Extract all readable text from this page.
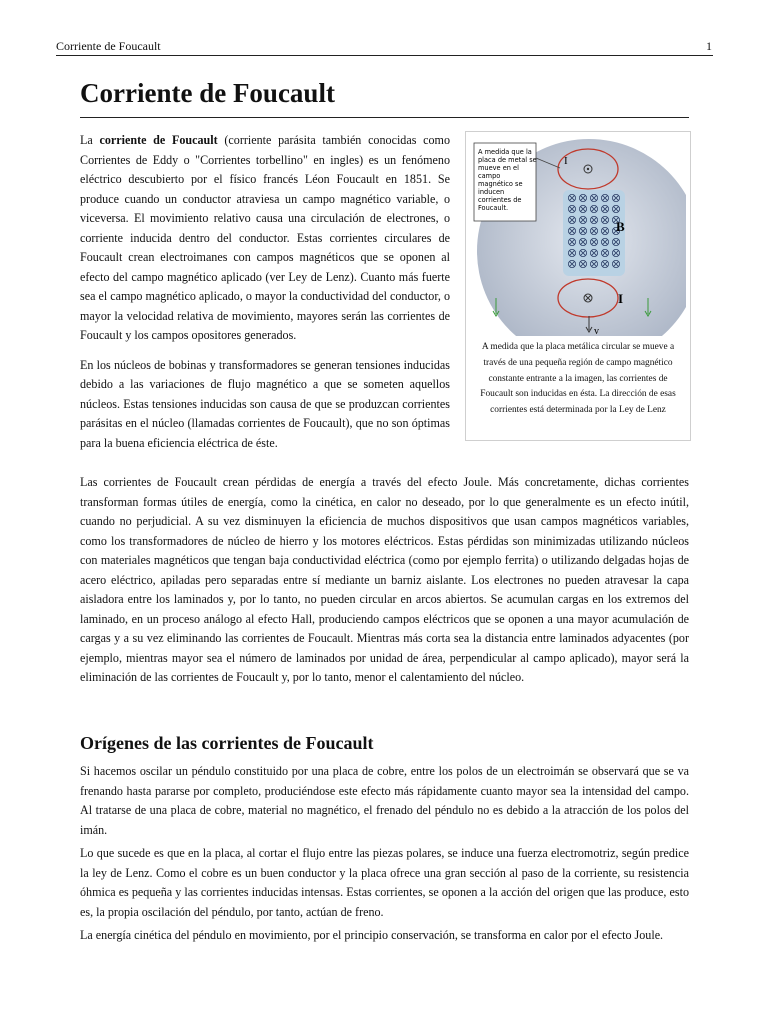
Corriente de Foucault	1
Corriente de Foucault

La corriente de Foucault (corriente parásita también conocidas como Corrientes de Eddy o "Corrientes torbellino" en ingles) es un fenómeno eléctrico descubierto por el físico francés Léon Foucault en 1851. Se produce cuando un conductor atraviesa un campo magnético variable, o viceversa. El movimiento relativo causa una circulación de electrones, o corriente inducida dentro del conductor. Estas corrientes circulares de Foucault crean electroimanes con campos magnéticos que se oponen al efecto del campo magnético aplicado (ver Ley de Lenz). Cuanto más fuerte sea el campo magnético aplicado, o mayor la conductividad del conductor, o mayor la velocidad relativa de movimiento, mayores serán las corrientes de Foucault y los campos opositores generados.

En los núcleos de bobinas y transformadores se generan tensiones inducidas debido a las variaciones de flujo magnético a que se someten aquellos núcleos. Estas tensiones inducidas son causa de que se produzcan corrientes parásitas en el núcleo (llamadas corrientes de Foucault), que no son óptimas para la buena eficiencia eléctrica de éste.

I
I
B
v
A medida que la placa de metal se mueve en el campo magnético se inducen corrientes de Foucault.

A medida que la placa metálica circular se mueve a través de una pequeña región de campo magnético constante entrante a la imagen, las corrientes de Foucault son inducidas en ésta. La dirección de esas corrientes está determinada por la Ley de Lenz

Las corrientes de Foucault crean pérdidas de energía a través del efecto Joule. Más concretamente, dichas corrientes transforman formas útiles de energía, como la cinética, en calor no deseado, por lo que generalmente es un efecto inútil, cuando no perjudicial. A su vez disminuyen la eficiencia de muchos dispositivos que usan campos magnéticos variables, como los transformadores de núcleo de hierro y los motores eléctricos. Estas pérdidas son minimizadas utilizando núcleos con materiales magnéticos que tengan baja conductividad eléctrica (como por ejemplo ferrita) o utilizando delgadas hojas de acero eléctrico, apiladas pero separadas entre sí mediante un barniz aislante. Los electrones no pueden atravesar la capa aisladora entre los laminados y, por lo tanto, no pueden circular en arcos abiertos. Se acumulan cargas en los extremos del laminado, en un proceso análogo al efecto Hall, produciendo campos eléctricos que se oponen a una mayor acumulación de cargas y a su vez eliminando las corrientes de Foucault. Mientras más corta sea la distancia entre laminados adyacentes (por ejemplo, mientras mayor sea el número de laminados por unidad de área, perpendicular al campo aplicado), mayor será la eliminación de las corrientes de Foucault y, por lo tanto, menor el calentamiento del núcleo.

Orígenes de las corrientes de Foucault

Si hacemos oscilar un péndulo constituido por una placa de cobre, entre los polos de un electroimán se observará que se va frenando hasta pararse por completo, produciéndose este efecto más rápidamente cuanto mayor sea la intensidad del campo. Al tratarse de una placa de cobre, material no magnético, el frenado del péndulo no es debido a la atracción de los polos del imán.

Lo que sucede es que en la placa, al cortar el flujo entre las piezas polares, se induce una fuerza electromotriz, según predice la ley de Lenz. Como el cobre es un buen conductor y la placa ofrece una gran sección al paso de la corriente, su resistencia óhmica es pequeña y las corrientes inducidas intensas. Estas corrientes, se oponen a la acción del origen que las produce, esto es, la propia oscilación del péndulo, por tanto, actúan de freno.

La energía cinética del péndulo en movimiento, por el principio conservación, se transforma en calor por el efecto Joule.
